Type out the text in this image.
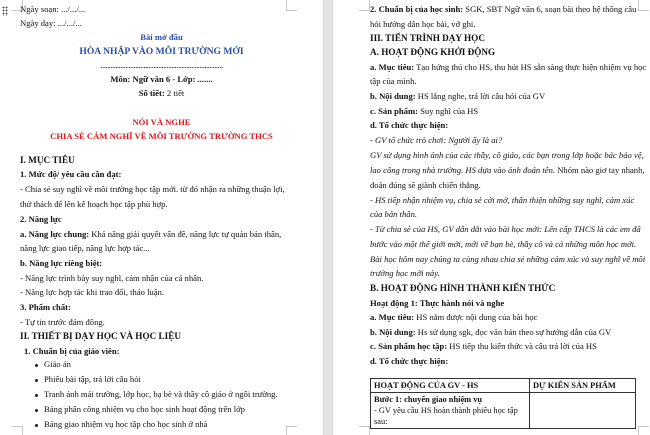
Ngày soạn: .../.../...
Ngày dạy: .../.../...
Bài mở đầu
HÒA NHẬP VÀO MÔI TRƯỜNG MỚI
..........................................................................
Môn: Ngữ văn 6 - Lớp: .......
Số tiết: 2 tiết
NÓI VÀ NGHE
CHIA SẺ CẢM NGHĨ VỀ MÔI TRƯỜNG TRƯỜNG THCS
I. MỤC TIÊU
1. Mức độ/ yêu cầu cần đạt:
- Chia sẻ suy nghĩ về môi trường học tập mới. từ đó nhận ra những thuận lợi,
thử thách để lên kế hoạch học tập phù hợp.
2. Năng lực
a. Năng lực chung: Khả năng giải quyết vấn đề, năng lực tự quản bản thân,
năng lực giao tiếp, năng lực hợp tác...
b. Năng lực riêng biệt:
- Năng lực trình bày suy nghĩ, cảm nhận của cá nhân.
- Năng lực hợp tác khi trao đổi, thảo luận.
3. Phẩm chất:
- Tự tin trước đám đông.
II. THIẾT BỊ DẠY HỌC VÀ HỌC LIỆU
1. Chuẩn bị của giáo viên:
Giáo án
Phiếu bài tập, trả lời câu hỏi
Tranh ảnh mái trường, lớp học, bạ bè và thầy cô giáo ở ngôi trường.
Bảng phân công nhiệm vụ cho học sinh hoạt động trên lớp
Bảng giao nhiệm vụ học tập cho học sinh ở nhà
2. Chuẩn bị của học sinh: SGK, SBT Ngữ văn 6, soạn bài theo hệ thống câu
hỏi hướng dẫn học bài, vở ghi.
III. TIẾN TRÌNH DẠY HỌC
A. HOẠT ĐỘNG KHỞI ĐỘNG
a. Mục tiêu: Tạo hứng thú cho HS, thu hút HS sẵn sàng thực hiện nhiệm vụ học
tập của mình.
b. Nội dung: HS lắng nghe, trả lời câu hỏi của GV
c. Sản phẩm: Suy nghĩ của HS
d. Tổ chức thực hiện:
- GV tổ chức trò chơi: Người ấy là ai?
GV sử dụng hình ảnh của các thầy, cô giáo, các bạn trong lớp hoặc bác bảo vệ,
lao công trong nhà trường. HS dựa vào ảnh đoán tên. Nhóm nào giơ tay nhanh,
đoán đúng sẽ giành chiến thắng.
- HS tiếp nhận nhiệm vụ, chia sẻ cởi mở, thân thiện những suy nghĩ, cảm xúc
của bản thân.
- Từ chia sẻ của HS, GV dẫn dắt vào bài học mới: Lên cấp THCS là các em đã
bước vào một thế giới mới, mới về bạn bè, thầy cô và cả những môn học mới.
Bài học hôm nay chúng ta cùng nhau chia sẻ những cảm xúc và suy nghĩ về môi
trường học mới này.
B. HOẠT ĐỘNG HÌNH THÀNH KIẾN THỨC
Hoạt động 1: Thực hành nói và nghe
a. Mục tiêu: HS nắm được nội dung của bài học
b. Nội dung: Hs sử dụng sgk, đọc văn bản theo sự hướng dẫn của GV
c. Sản phẩm học tập: HS tiếp thu kiến thức và câu trả lời của HS
d. Tổ chức thực hiện:
HOẠT ĐỘNG CỦA GV - HS	DỰ KIẾN SẢN PHẨM

Bước 1: chuyển giao nhiệm vụ
- GV yêu cầu HS hoàn thành phiếu học tập sau:	
